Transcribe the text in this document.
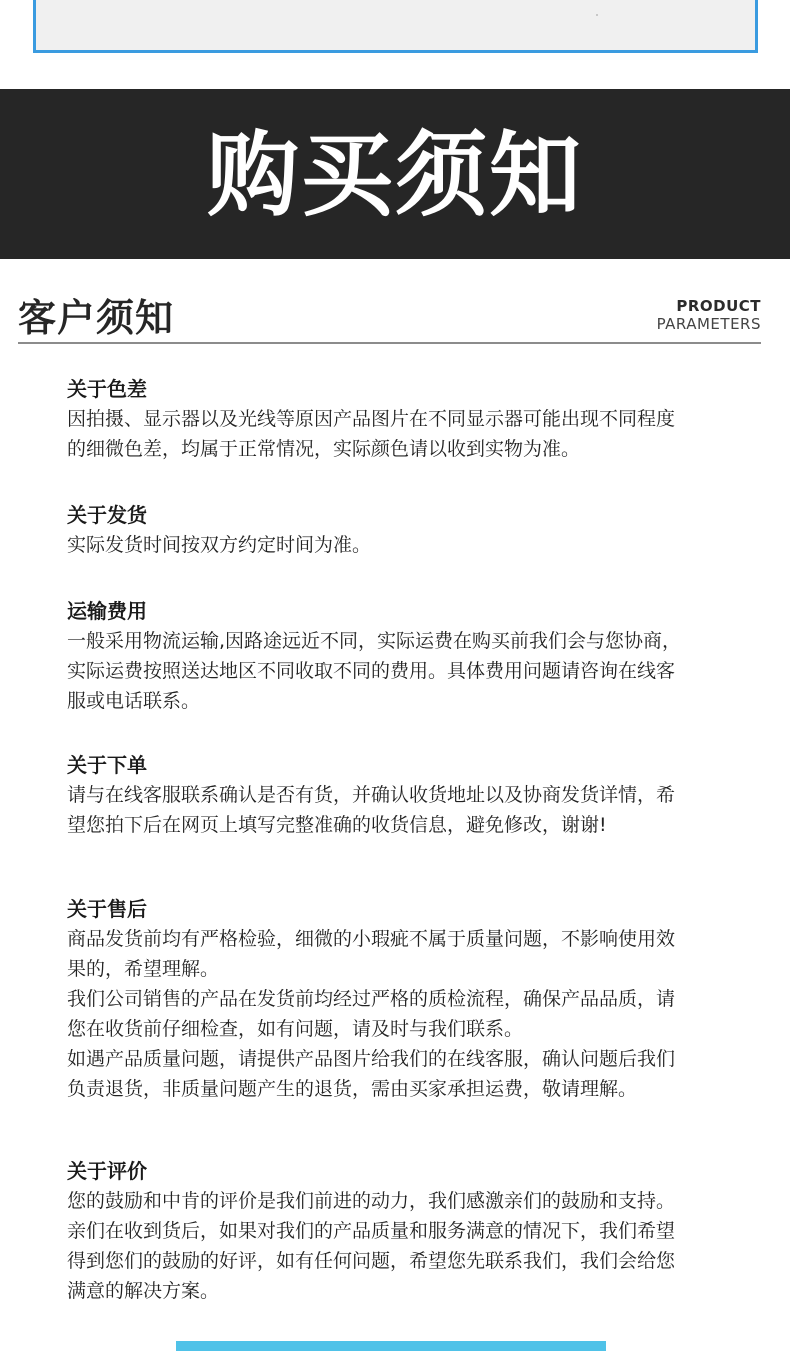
购买须知
客户须知	PRODUCT
PARAMETERS
关于色差
因拍摄、显示器以及光线等原因产品图片在不同显示器可能出现不同程度
的细微色差，均属于正常情况，实际颜色请以收到实物为准。
关于发货
实际发货时间按双方约定时间为准。
运输费用
一般采用物流运输,因路途远近不同，实际运费在购买前我们会与您协商，
实际运费按照送达地区不同收取不同的费用。具体费用问题请咨询在线客
服或电话联系。
关于下单
请与在线客服联系确认是否有货，并确认收货地址以及协商发货详情，希
望您拍下后在网页上填写完整准确的收货信息，避免修改，谢谢!
关于售后
商品发货前均有严格检验，细微的小瑕疵不属于质量问题，不影响使用效
果的，希望理解。
我们公司销售的产品在发货前均经过严格的质检流程，确保产品品质，请
您在收货前仔细检查，如有问题，请及时与我们联系。
如遇产品质量问题，请提供产品图片给我们的在线客服，确认问题后我们
负责退货，非质量问题产生的退货，需由买家承担运费，敬请理解。
关于评价
您的鼓励和中肯的评价是我们前进的动力，我们感激亲们的鼓励和支持。
亲们在收到货后，如果对我们的产品质量和服务满意的情况下，我们希望
得到您们的鼓励的好评，如有任何问题，希望您先联系我们，我们会给您
满意的解决方案。
